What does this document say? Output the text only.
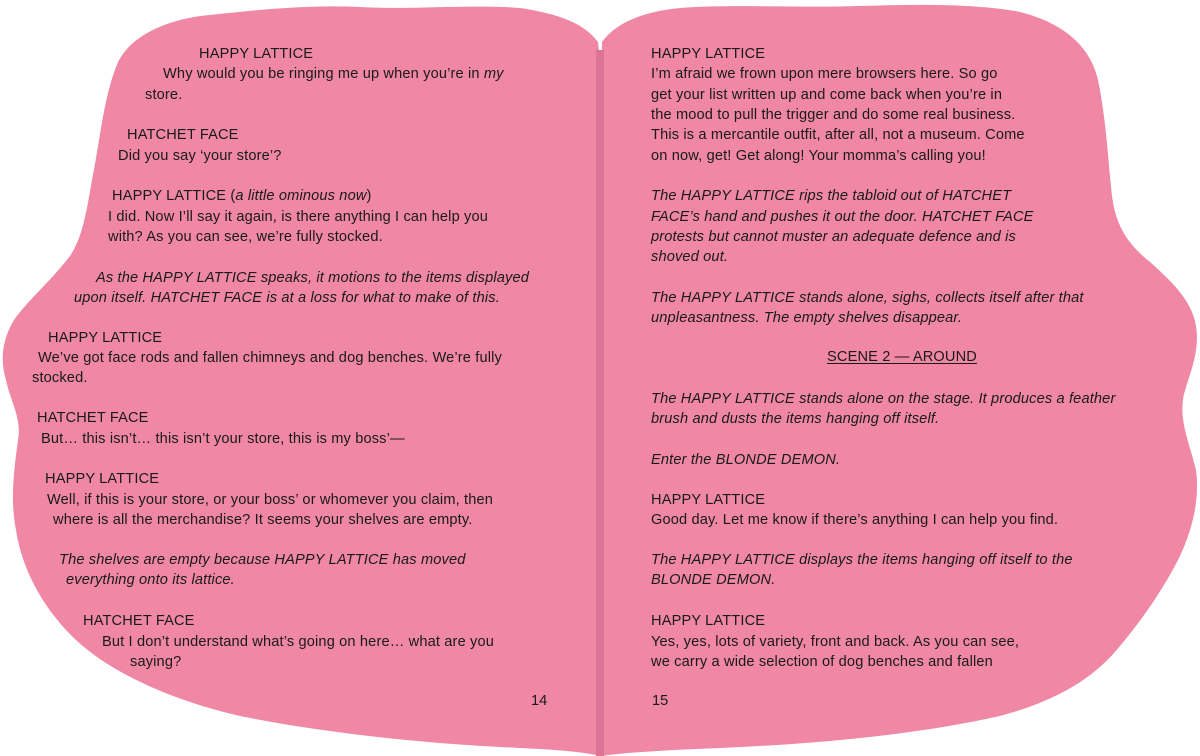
HAPPY LATTICE
Why would you be ringing me up when you’re in my
store.
HATCHET FACE
Did you say ‘your store’?
HAPPY LATTICE (a little ominous now)
I did. Now I’ll say it again, is there anything I can help you
with? As you can see, we’re fully stocked.
As the HAPPY LATTICE speaks, it motions to the items displayed
upon itself. HATCHET FACE is at a loss for what to make of this.
HAPPY LATTICE
We’ve got face rods and fallen chimneys and dog benches. We’re fully
stocked.
HATCHET FACE
But… this isn’t… this isn’t your store, this is my boss’—
HAPPY LATTICE
Well, if this is your store, or your boss’ or whomever you claim, then
where is all the merchandise? It seems your shelves are empty.
The shelves are empty because HAPPY LATTICE has moved
everything onto its lattice.
HATCHET FACE
But I don’t understand what’s going on here… what are you
saying?
14
HAPPY LATTICE
I’m afraid we frown upon mere browsers here. So go
get your list written up and come back when you’re in
the mood to pull the trigger and do some real business.
This is a mercantile outfit, after all, not a museum. Come
on now, get! Get along! Your momma’s calling you!
The HAPPY LATTICE rips the tabloid out of HATCHET
FACE’s hand and pushes it out the door. HATCHET FACE
protests but cannot muster an adequate defence and is
shoved out.
The HAPPY LATTICE stands alone, sighs, collects itself after that
unpleasantness. The empty shelves disappear.
SCENE 2 — AROUND
The HAPPY LATTICE stands alone on the stage. It produces a feather
brush and dusts the items hanging off itself.
Enter the BLONDE DEMON.
HAPPY LATTICE
Good day. Let me know if there’s anything I can help you find.
The HAPPY LATTICE displays the items hanging off itself to the
BLONDE DEMON.
HAPPY LATTICE
Yes, yes, lots of variety, front and back. As you can see,
we carry a wide selection of dog benches and fallen
15
